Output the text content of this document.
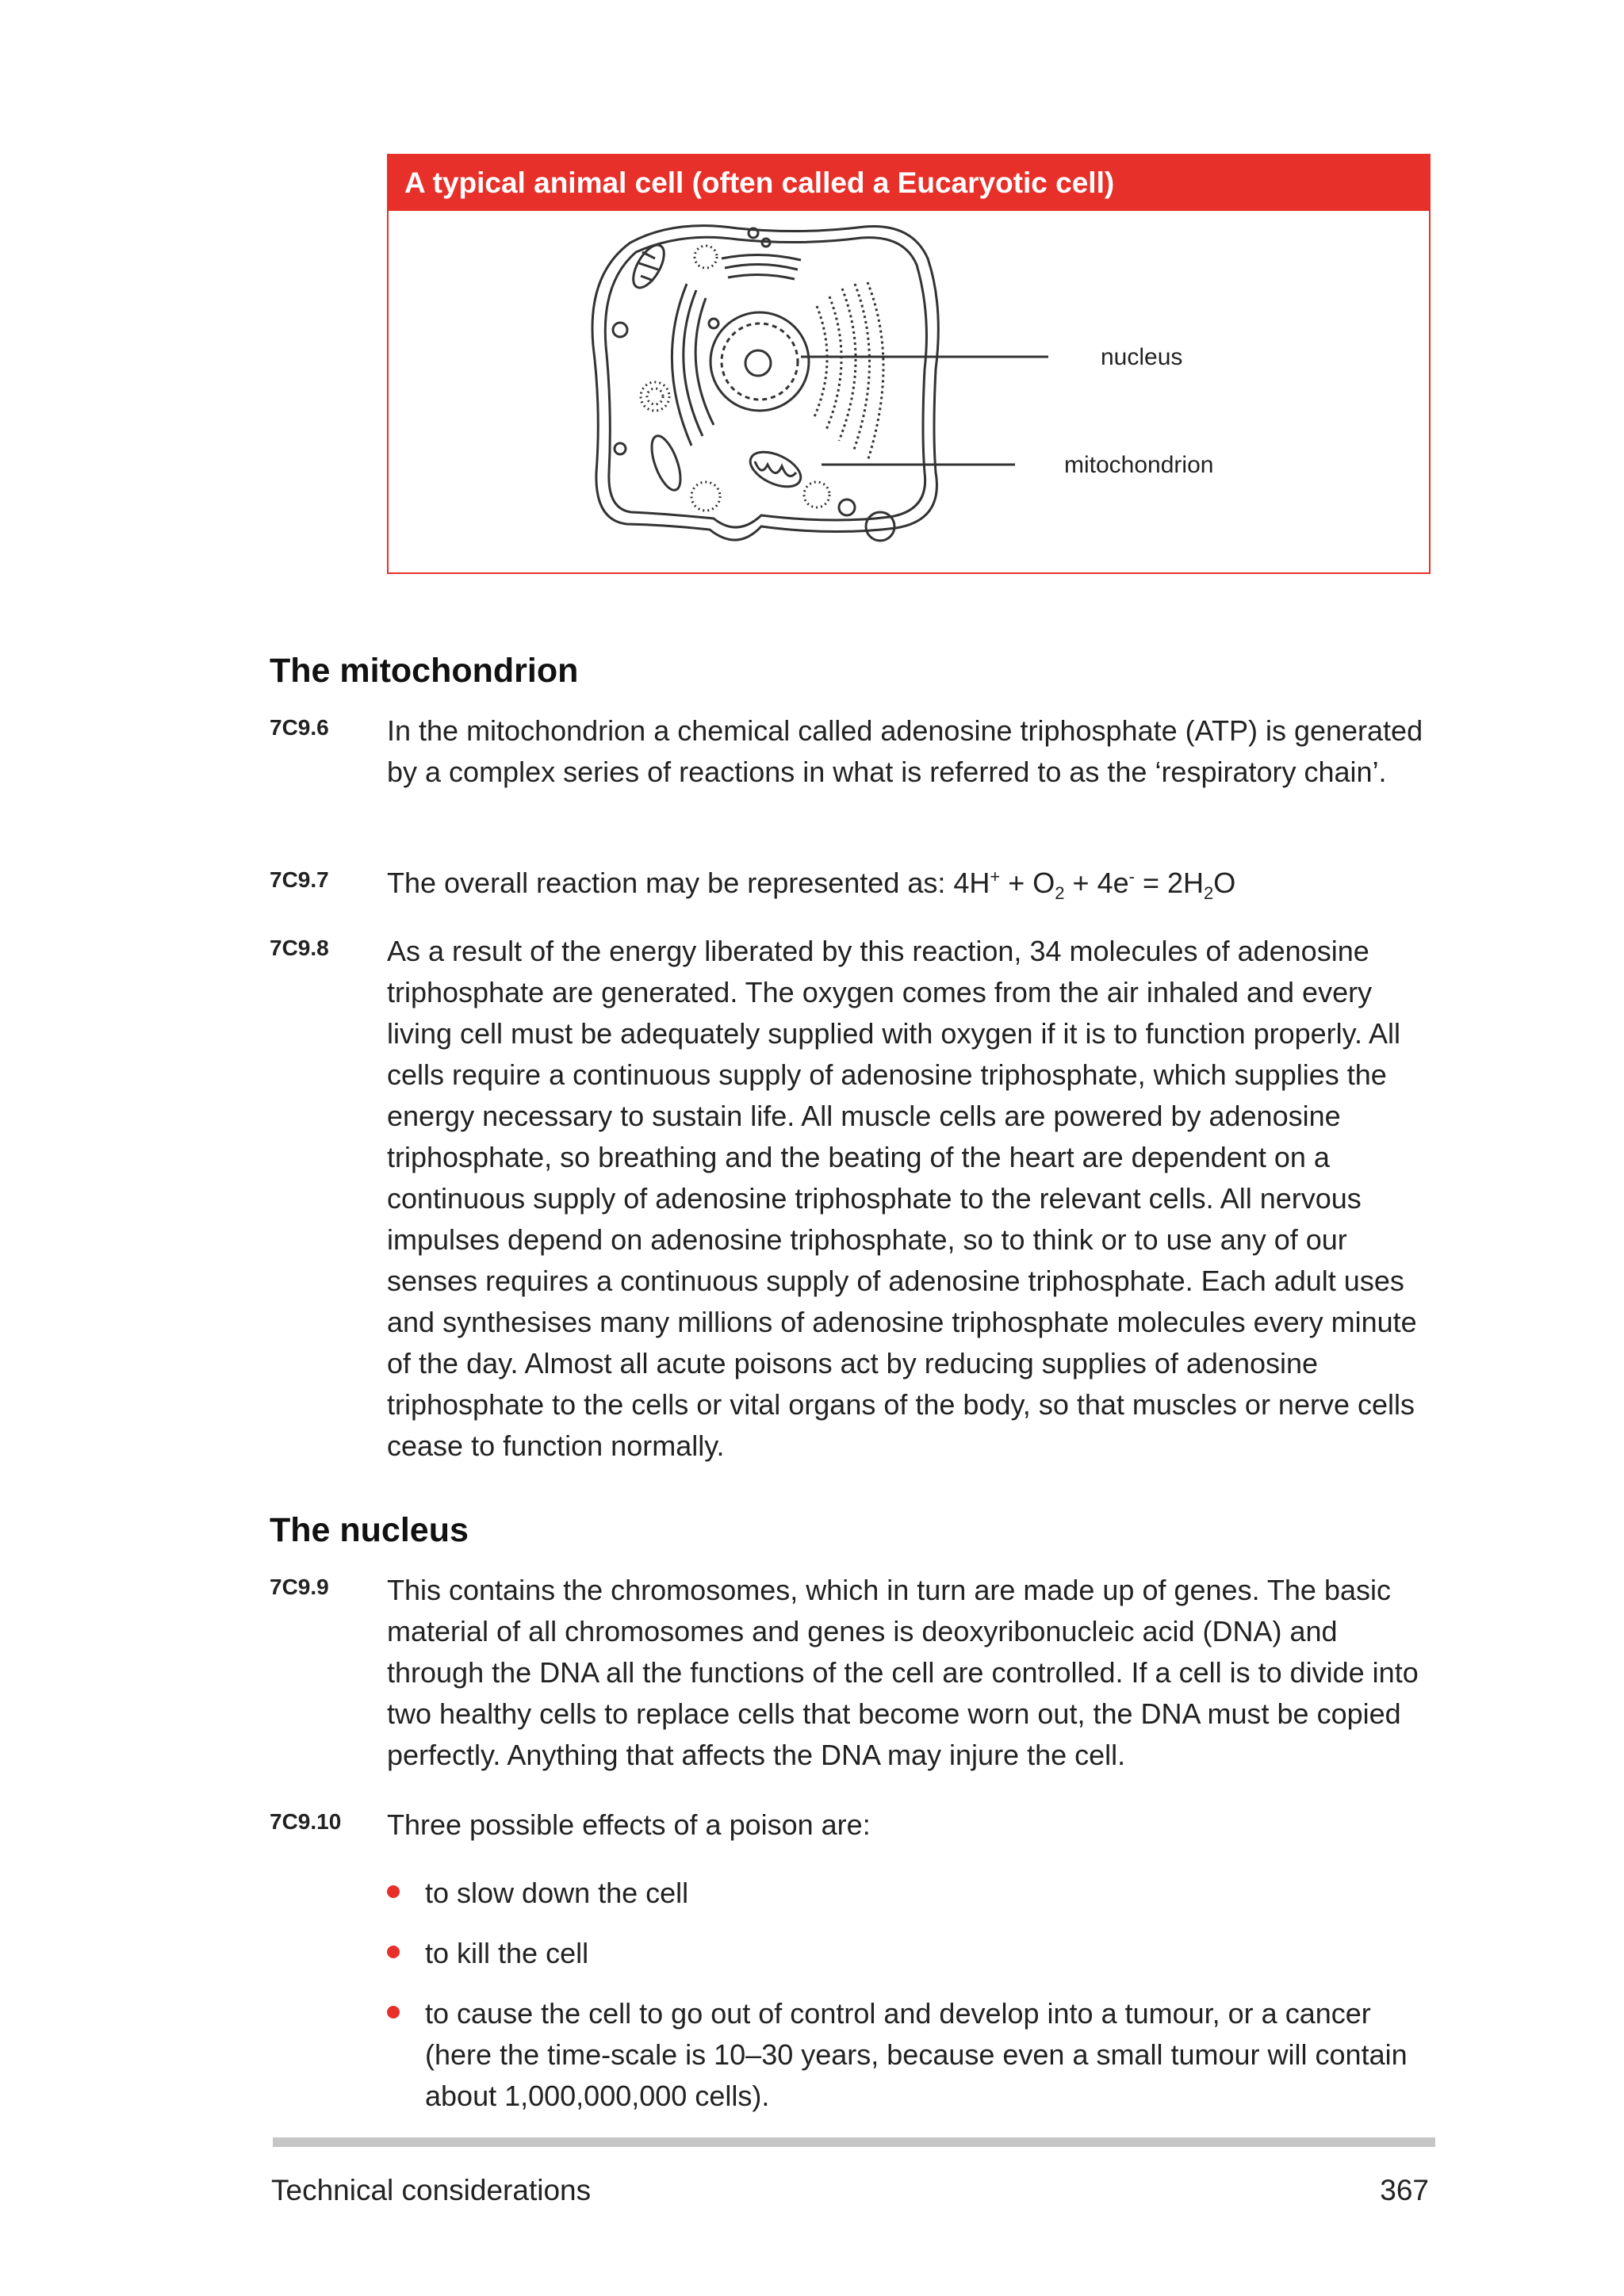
A typical animal cell (often called a Eucaryotic cell)
nucleus
mitochondrion
The mitochondrion
7C9.6 In the mitochondrion a chemical called adenosine triphosphate (ATP) is generated by a complex series of reactions in what is referred to as the ‘respiratory chain’.
7C9.7 The overall reaction may be represented as: $4H^+ + O_2 + 4e^- = 2H_2O$
7C9.8 As a result of the energy liberated by this reaction, 34 molecules of adenosine triphosphate are generated. The oxygen comes from the air inhaled and every living cell must be adequately supplied with oxygen if it is to function properly. All cells require a continuous supply of adenosine triphosphate, which supplies the energy necessary to sustain life. All muscle cells are powered by adenosine triphosphate, so breathing and the beating of the heart are dependent on a continuous supply of adenosine triphosphate to the relevant cells. All nervous impulses depend on adenosine triphosphate, so to think or to use any of our senses requires a continuous supply of adenosine triphosphate. Each adult uses and synthesises many millions of adenosine triphosphate molecules every minute of the day. Almost all acute poisons act by reducing supplies of adenosine triphosphate to the cells or vital organs of the body, so that muscles or nerve cells cease to function normally.
The nucleus
7C9.9 This contains the chromosomes, which in turn are made up of genes. The basic material of all chromosomes and genes is deoxyribonucleic acid (DNA) and through the DNA all the functions of the cell are controlled. If a cell is to divide into two healthy cells to replace cells that become worn out, the DNA must be copied perfectly. Anything that affects the DNA may injure the cell.
7C9.10 Three possible effects of a poison are:
to slow down the cell
to kill the cell
to cause the cell to go out of control and develop into a tumour, or a cancer (here the time-scale is 10–30 years, because even a small tumour will contain about 1,000,000,000 cells).
Technical considerations	367
